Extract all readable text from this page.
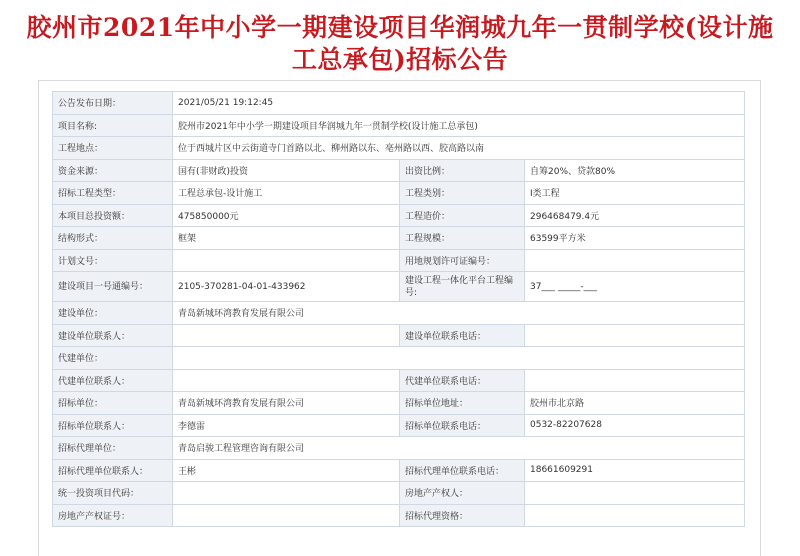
胶州市2021年中小学一期建设项目华润城九年一贯制学校(设计施
工总承包)招标公告
公告发布日期：	2021/05/21 19:12:45		
项目名称:	胶州市2021年中小学一期建设项目华润城九年一贯制学校(设计施工总承包)		
工程地点：	位于西城片区中云街道寺门首路以北、柳州路以东、亳州路以西、胶高路以南		
资金来源：	国有(非财政)投资	出资比例：	自筹20%、贷款80%
招标工程类型：	工程总承包-设计施工	工程类别：	Ⅰ类工程
本项目总投资额：	475850000元	工程造价：	296468479.4元
结构形式：	框架	工程规模：	63599平方米
计划文号：		用地规划许可证编号：	
建设项目一号通编号：	2105-370281-04-01-433962	建设工程一体化平台工程编号:	37___ _____-___
建设单位：	青岛新城环湾教育发展有限公司		
建设单位联系人：		建设单位联系电话：	
代建单位：			
代建单位联系人：		代建单位联系电话：	
招标单位：	青岛新城环湾教育发展有限公司	招标单位地址：	胶州市北京路
招标单位联系人：	李德雷	招标单位联系电话：	0532-82207628
招标代理单位：	青岛启骏工程管理咨询有限公司		
招标代理单位联系人：	王彬	招标代理单位联系电话：	18661609291
统一投资项目代码：		房地产产权人：	
房地产产权证号：		招标代理资格：	
